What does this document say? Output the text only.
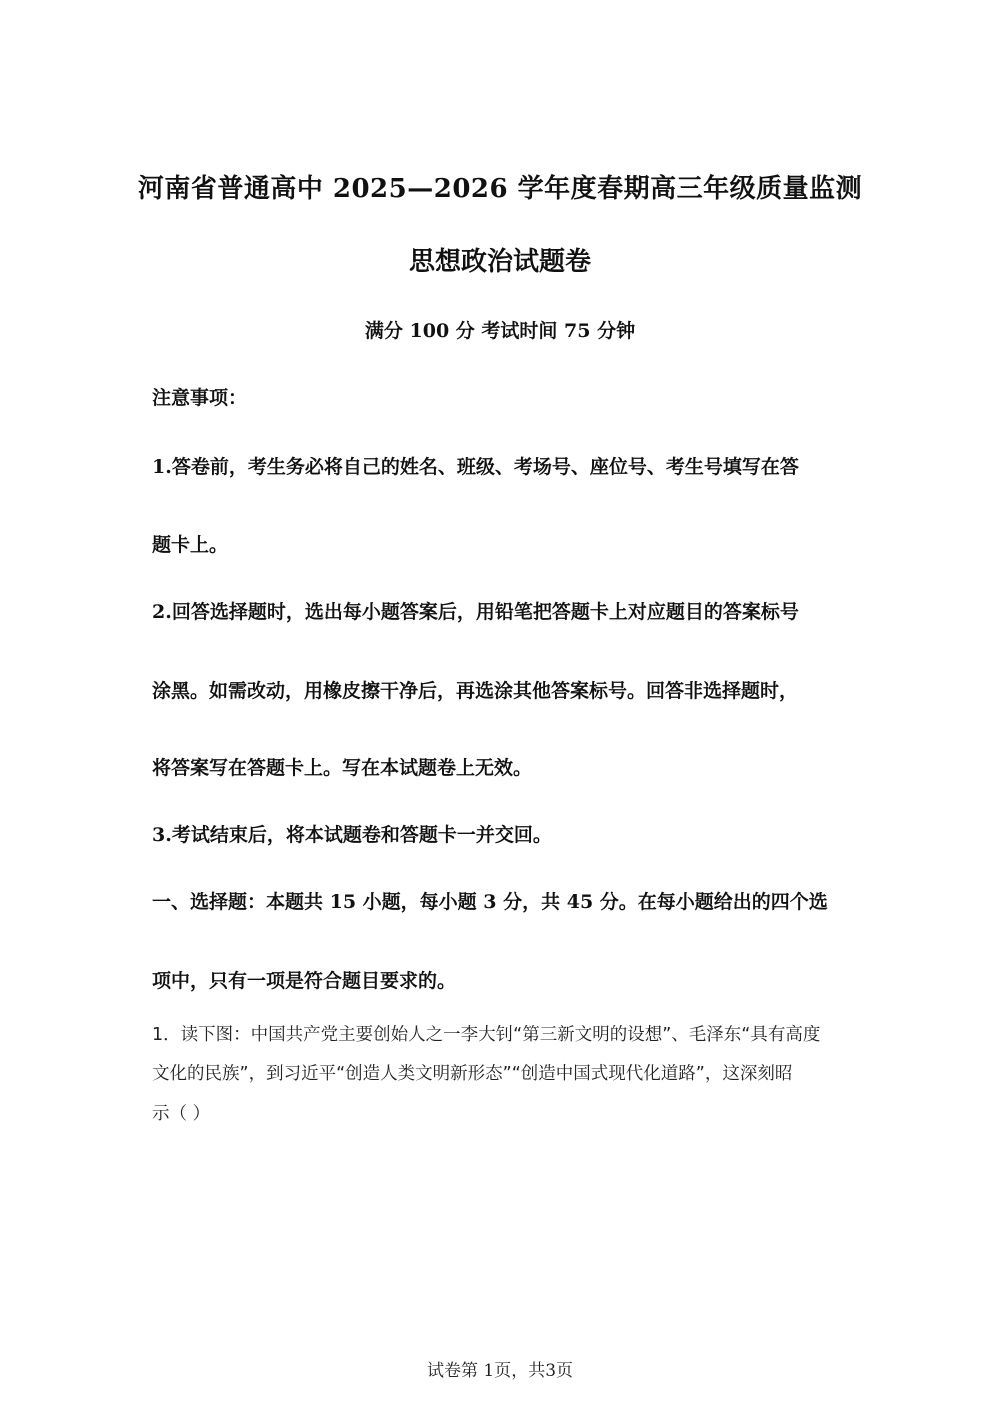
河南省普通高中 2025—2026 学年度春期高三年级质量监测
思想政治试题卷
满分 100 分 考试时间 75 分钟
注意事项：
1.答卷前，考生务必将自己的姓名、班级、考场号、座位号、考生号填写在答
题卡上。
2.回答选择题时，选出每小题答案后，用铅笔把答题卡上对应题目的答案标号
涂黑。如需改动，用橡皮擦干净后，再选涂其他答案标号。回答非选择题时，
将答案写在答题卡上。写在本试题卷上无效。
3.考试结束后，将本试题卷和答题卡一并交回。
一、选择题：本题共 15 小题，每小题 3 分，共 45 分。在每小题给出的四个选
项中，只有一项是符合题目要求的。
1．读下图：中国共产党主要创始人之一李大钊“第三新文明的设想”、毛泽东“具有高度
文化的民族”，到习近平“创造人类文明新形态”“创造中国式现代化道路”，这深刻昭
示（ ）
试卷第 1页，共3页
